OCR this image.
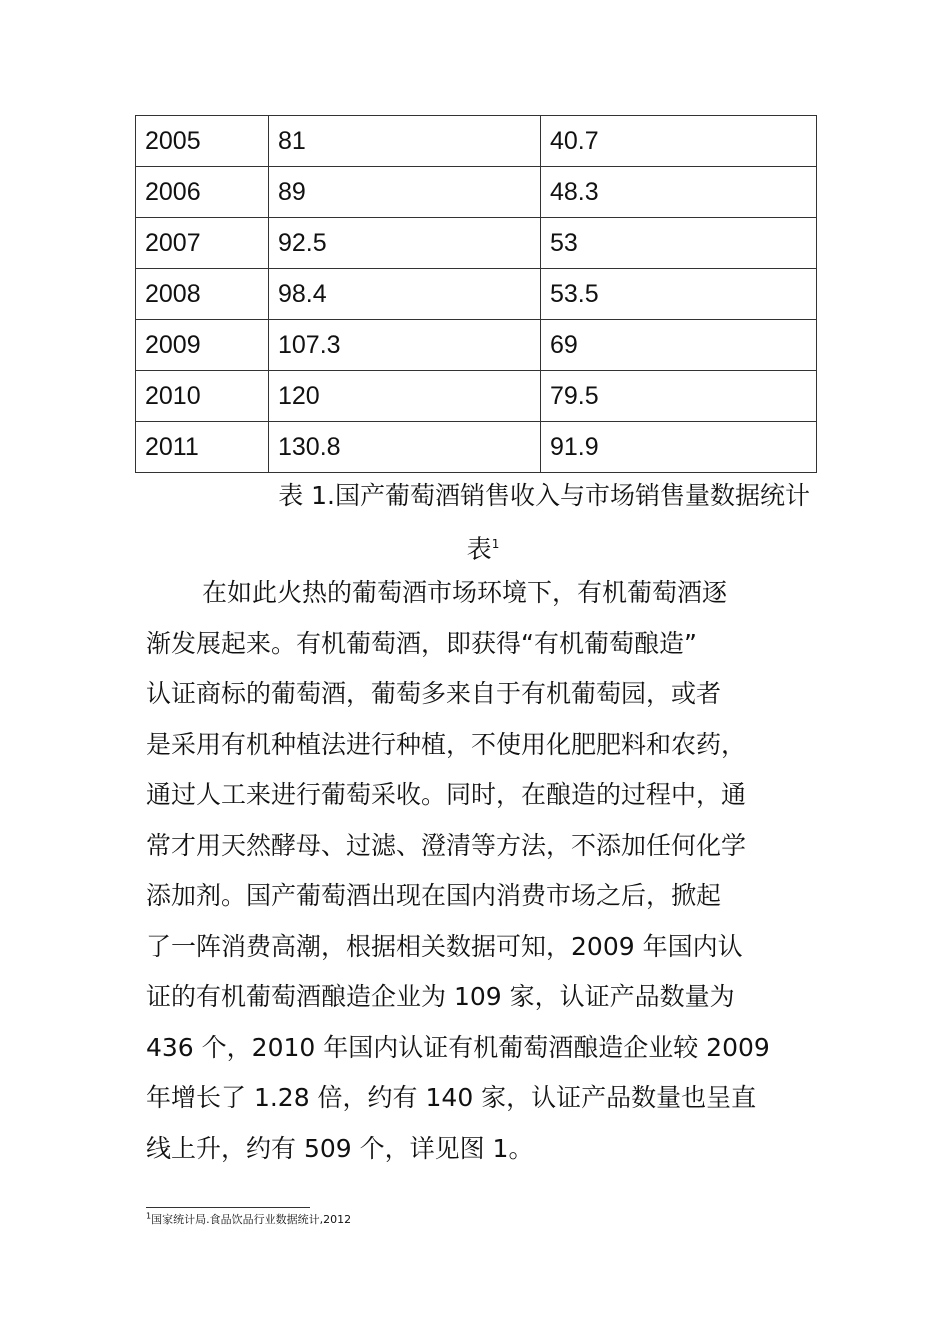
2005	81	40.7
2006	89	48.3
2007	92.5	53
2008	98.4	53.5
2009	107.3	69
2010	120	79.5
2011	130.8	91.9
表 1.国产葡萄酒销售收入与市场销售量数据统计
表$^1$
在如此火热的葡萄酒市场环境下，有机葡萄酒逐
渐发展起来。有机葡萄酒，即获得“有机葡萄酿造”
认证商标的葡萄酒，葡萄多来自于有机葡萄园，或者
是采用有机种植法进行种植，不使用化肥肥料和农药，
通过人工来进行葡萄采收。同时，在酿造的过程中，通
常才用天然酵母、过滤、澄清等方法，不添加任何化学
添加剂。国产葡萄酒出现在国内消费市场之后，掀起
了一阵消费高潮，根据相关数据可知，2009 年国内认
证的有机葡萄酒酿造企业为 109 家，认证产品数量为
436 个，2010 年国内认证有机葡萄酒酿造企业较 2009
年增长了 1.28 倍，约有 140 家，认证产品数量也呈直
线上升，约有 509 个，详见图 1。
$^1$国家统计局.食品饮品行业数据统计,2012
